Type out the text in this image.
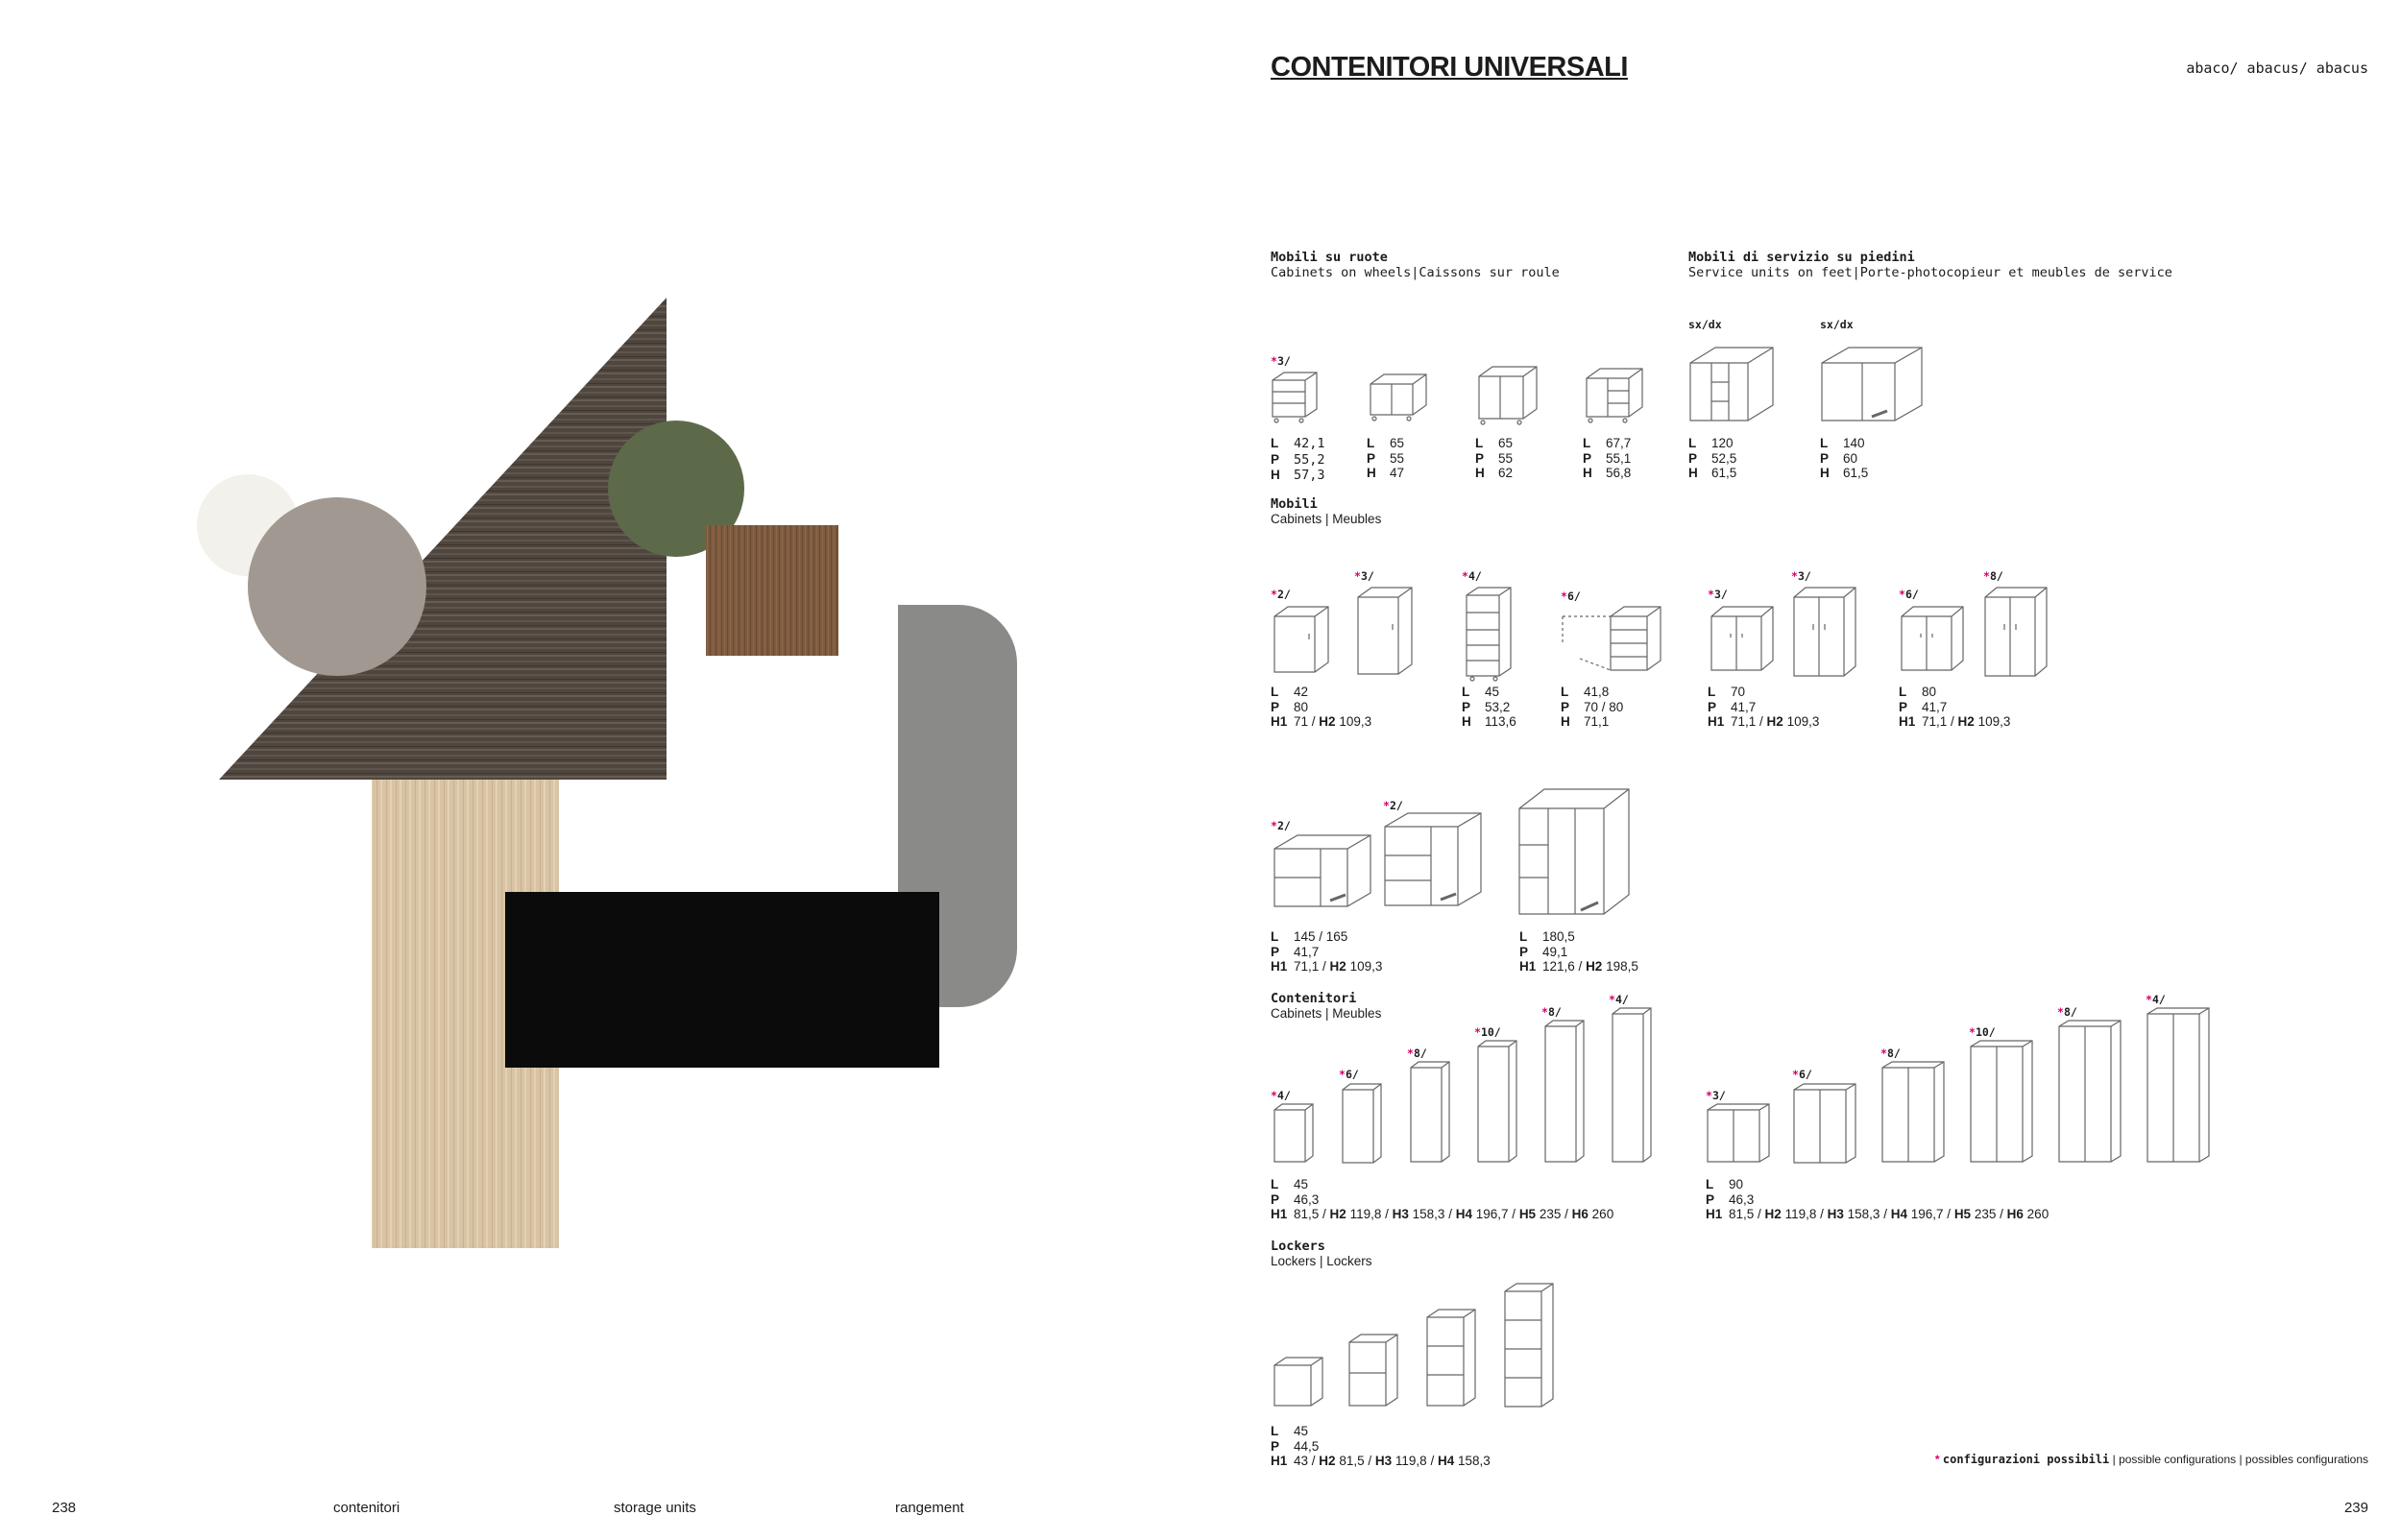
CONTENITORI UNIVERSALI	abaco/ abacus/ abacus
Mobili su ruote
Cabinets on wheels|Caissons sur roule
Mobili di servizio su piedini
Service units on feet|Porte-photocopieur et meubles de service
sx/dx	sx/dx
*3/
L 42,1
P 55,2
H 57,3
L 65
P 55
H 47
L 65
P 55
H 62
L 67,7
P 55,1
H 56,8
L 120
P 52,5
H 61,5
L 140
P 60
H 61,5
Mobili
Cabinets | Meubles
*2/
*3/	*4/
*6/	*3/
*3/
*6/
*8/
L 42
P 80
H1 71 / H2 109,3
L 45
P 53,2
H 113,6
L 41,8
P 70 / 80
H 71,1
L 70
P 41,7
H1 71,1 / H2 109,3
L 80
P 41,7
H1 71,1 / H2 109,3
*2/
*2/
L 145 / 165
P 41,7
H1 71,1 / H2 109,3
L 180,5
P 49,1
H1 121,6 / H2 198,5
Contenitori
Cabinets | Meubles
*4/
*6/
*8/
*10/
*8/
*4/
*3/
*6/
*8/
*10/
*8/
*4/
L 45
P 46,3
H1 81,5 / H2 119,8 / H3 158,3 / H4 196,7 / H5 235 / H6 260
L 90
P 46,3
H1 81,5 / H2 119,8 / H3 158,3 / H4 196,7 / H5 235 / H6 260
Lockers
Lockers | Lockers
L 45
P 44,5
H1 43 / H2 81,5 / H3 119,8 / H4 158,3	* configurazioni possibili | possible configurations | possibles configurations
238	contenitori	storage units	rangement	239
